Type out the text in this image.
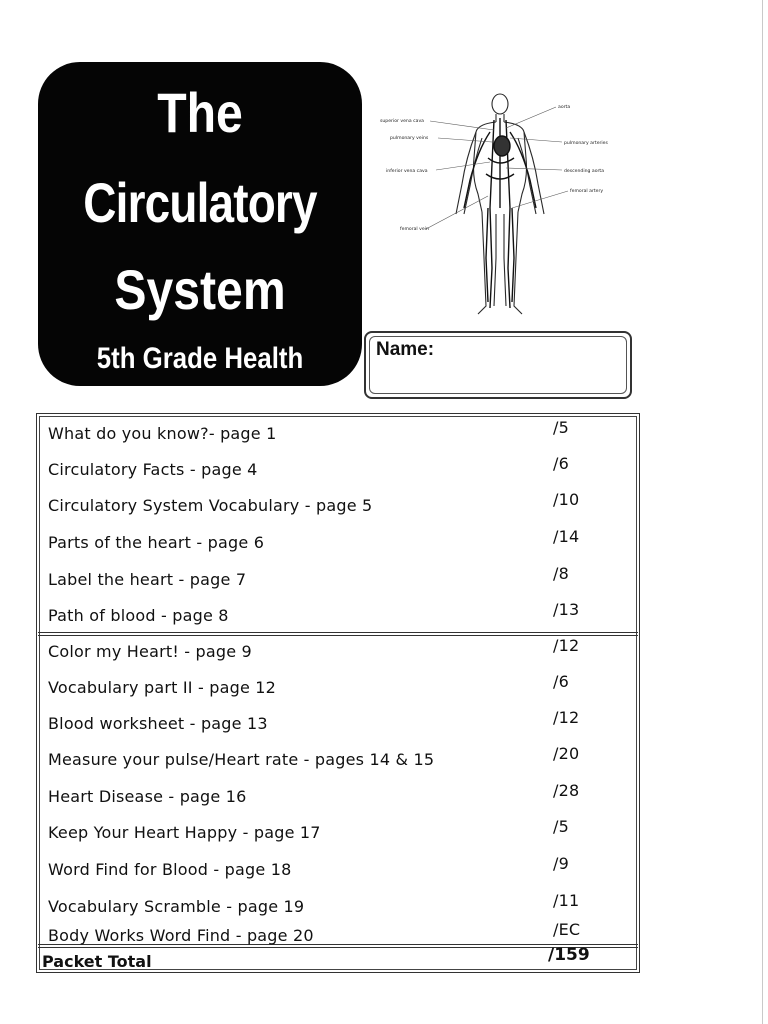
The
Circulatory
System
5th Grade Health
superior vena cava
pulmonary veins
inferior vena cava
femoral vein
aorta
pulmonary arteries
descending aorta
femoral artery
Name:
What do you know?- page 1	/5
Circulatory Facts - page 4	/6
Circulatory System Vocabulary - page 5	/10
Parts of the heart - page 6	/14
Label the heart - page 7	/8
Path of blood - page 8	/13
Color my Heart! - page 9	/12
Vocabulary part II - page 12	/6
Blood worksheet - page 13	/12
Measure your pulse/Heart rate - pages 14 & 15	/20
Heart Disease - page 16	/28
Keep Your Heart Happy - page 17	/5
Word Find for Blood - page 18	/9
Vocabulary Scramble - page 19	/11
Body Works Word Find - page 20	/EC
Packet Total	/159
